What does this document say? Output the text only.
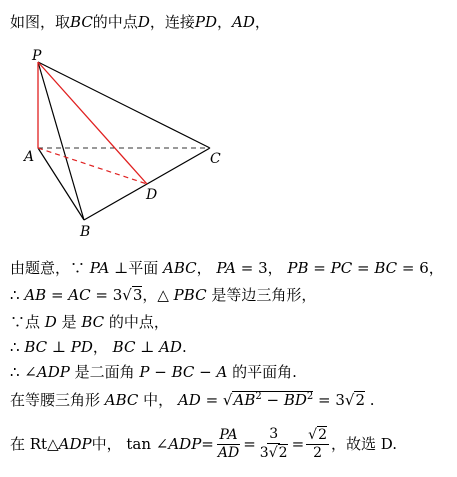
如图，取BC的中点D，连接PD，AD，
P
A
B
C
D
由题意，∵ PA ⊥平面 ABC， PA = 3， PB = PC = BC = 6，
∴ AB = AC = 3√3，△ PBC 是等边三角形，
∵点 D 是 BC 的中点，
∴ BC ⊥ PD， BC ⊥ AD.
∴ ∠ADP 是二面角 P − BC − A 的平面角.
在等腰三角形 ABC 中， AD = $√AB^2 - BD^2 = 3√2$ .
在 Rt△ ADP 中， tan ∠ ADP = $\frac{PA}{AD} = \frac{3}{3√2} = \frac{√2}{2}$ ，故选 D.
